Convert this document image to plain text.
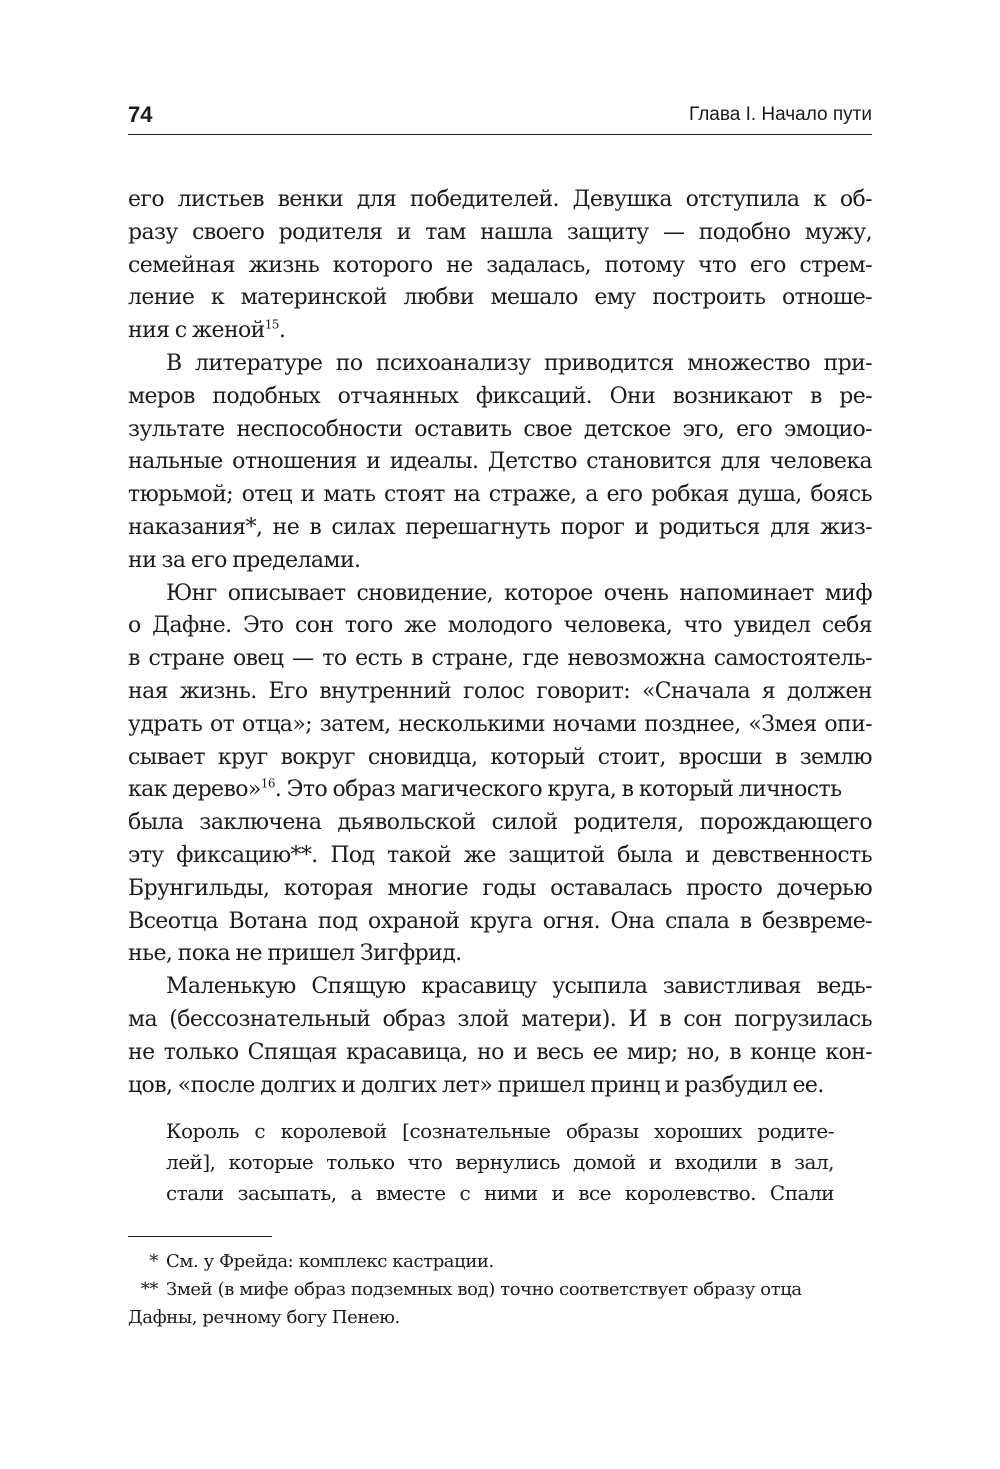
74	Глава I. Начало пути
его листьев венки для победителей. Девушка отступила к об-
разу своего родителя и там нашла защиту — подобно мужу,
семейная жизнь которого не задалась, потому что его стрем-
ление к материнской любви мешало ему построить отноше-
ния с женой$^{15}$.
В литературе по психоанализу приводится множество при-
меров подобных отчаянных фиксаций. Они возникают в ре-
зультате неспособности оставить свое детское эго, его эмоцио-
нальные отношения и идеалы. Детство становится для человека
тюрьмой; отец и мать стоят на страже, а его робкая душа, боясь
наказания*, не в силах перешагнуть порог и родиться для жиз-
ни за его пределами.
Юнг описывает сновидение, которое очень напоминает миф
о Дафне. Это сон того же молодого человека, что увидел себя
в стране овец — то есть в стране, где невозможна самостоятель-
ная жизнь. Его внутренний голос говорит: «Сначала я должен
удрать от отца»; затем, несколькими ночами позднее, «Змея опи-
сывает круг вокруг сновидца, который стоит, вросши в землю
как дерево»$^{16}$. Это образ магического круга, в который личность
была заключена дьявольской силой родителя, порождающего
эту фиксацию**. Под такой же защитой была и девственность
Брунгильды, которая многие годы оставалась просто дочерью
Всеотца Вотана под охраной круга огня. Она спала в безвреме-
нье, пока не пришел Зигфрид.
Маленькую Спящую красавицу усыпила завистливая ведь-
ма (бессознательный образ злой матери). И в сон погрузилась
не только Спящая красавица, но и весь ее мир; но, в конце кон-
цов, «после долгих и долгих лет» пришел принц и разбудил ее.
Король с королевой [сознательные образы хороших родите-
лей], которые только что вернулись домой и входили в зал,
стали засыпать, а вместе с ними и все королевство. Спали
* См. у Фрейда: комплекс кастрации.
** Змей (в мифе образ подземных вод) точно соответствует образу отца
Дафны, речному богу Пенею.
